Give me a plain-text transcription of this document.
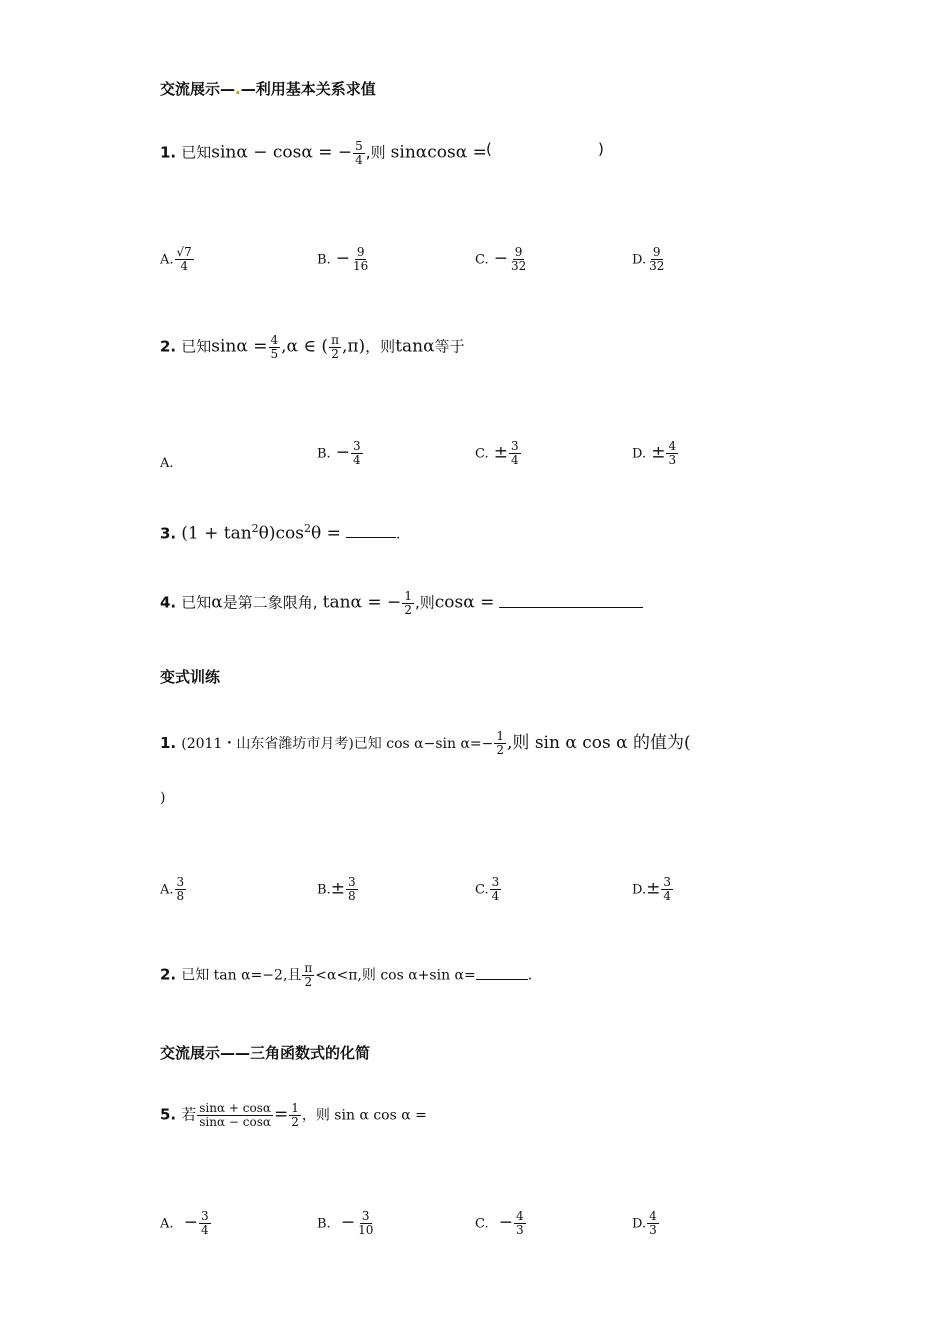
交流展示—.—利用基本关系求值
1. 已知sinα − cosα = − $\frac{5}{4}$ ,则 sinαcosα = (	)
A. $\frac{√7}{4}$	B. − $\frac{9}{16}$	C. − $\frac{9}{32}$	D. $\frac{9}{32}$
2. 已知$\sin\alpha = \frac{4}{5} ,\alpha$ ∈ ( $\frac{\pi}{2} ,\pi$)，则tanα等于
A.
B. − $\frac{3}{4}$	C. ± $\frac{3}{4}$	D. ± $\frac{4}{3}$
3. $(1 + \tan^2\theta)\cos^2\theta$ =	.
4. 已知α是第二象限角, tanα = − $\frac{1}{2}$ ,则cosα =
变式训练
1. (2011・山东省潍坊市月考)已知 cos α−sin $\alpha=- \frac{1}{2}$ ,则 sin α cos α 的值为(
)
A. $\frac{3}{8}$	$B.\pm \frac{3}{8}$	C. $\frac{3}{4}$	$D.\pm \frac{3}{4}$
2. 已知 tan α=−2,且 $\frac{\pi}{2} <\alpha<\pi$,则 cos α+sin α=	.
交流展示——三角函数式的化简
5. 若 $\frac{\sin\alpha + \cos\alpha}{\sin\alpha - \cos\alpha} = \frac{1}{2}$ ，则 sin α cos α =
A. − $\frac{3}{4}$	B. − $\frac{3}{10}$	C. − $\frac{4}{3}$	D. $\frac{4}{3}$
